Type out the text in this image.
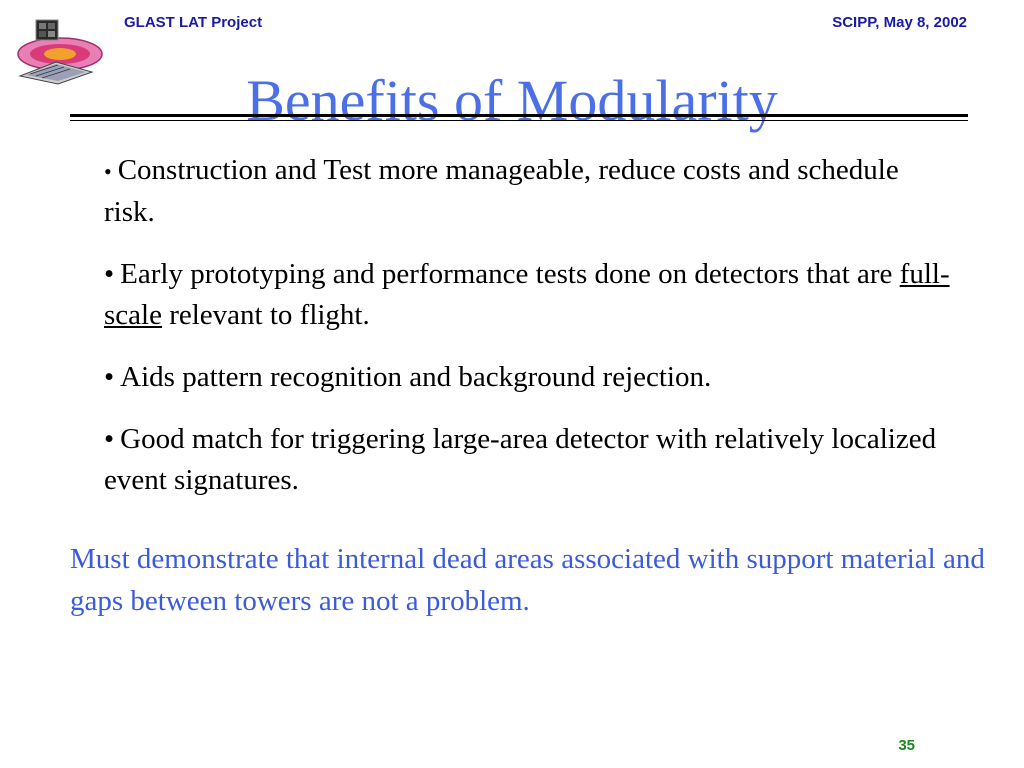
GLAST LAT Project	SCIPP, May 8, 2002
Benefits of Modularity
• Construction and Test more manageable, reduce costs and schedule risk.
• Early prototyping and performance tests done on detectors that are full-scale relevant to flight.
• Aids pattern recognition and background rejection.
• Good match for triggering large-area detector with relatively localized event signatures.
Must demonstrate that internal dead areas associated with support material and gaps between towers are not a problem.
35
